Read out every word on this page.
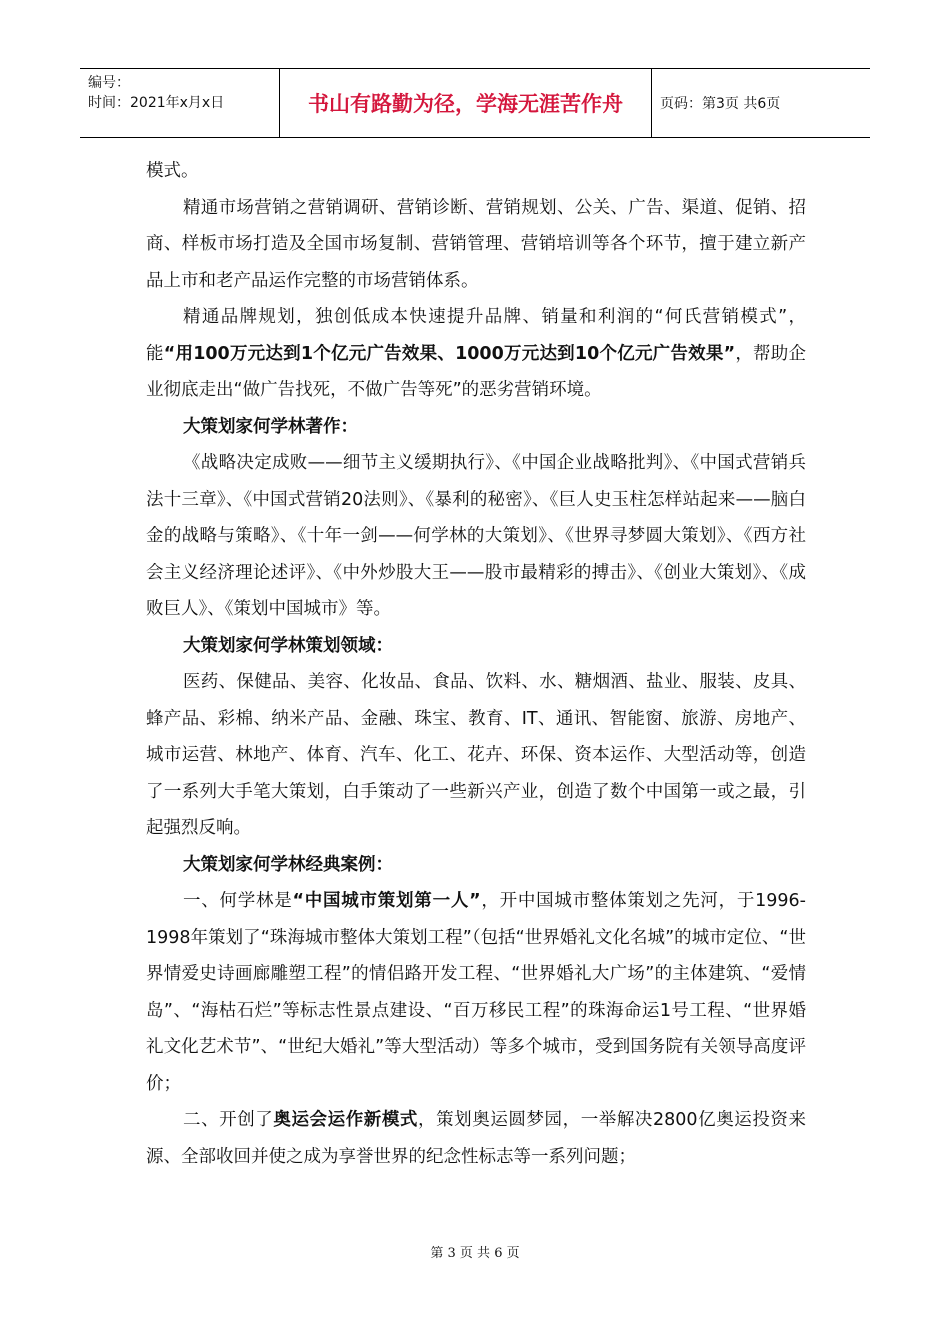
编号：
时间：2021年x月x日	书山有路勤为径，学海无涯苦作舟	页码：第3页 共6页

模式。

精通市场营销之营销调研、营销诊断、营销规划、公关、广告、渠道、促销、招商、样板市场打造及全国市场复制、营销管理、营销培训等各个环节，擅于建立新产品上市和老产品运作完整的市场营销体系。

精通品牌规划，独创低成本快速提升品牌、销量和利润的“何氏营销模式”，能“用100万元达到1个亿元广告效果、1000万元达到10个亿元广告效果”，帮助企业彻底走出“做广告找死，不做广告等死”的恶劣营销环境。

大策划家何学林著作：

《战略决定成败——细节主义缓期执行》、《中国企业战略批判》、《中国式营销兵法十三章》、《中国式营销20法则》、《暴利的秘密》、《巨人史玉柱怎样站起来——脑白金的战略与策略》、《十年一剑——何学林的大策划》、《世界寻梦圆大策划》、《西方社会主义经济理论述评》、《中外炒股大王——股市最精彩的搏击》、《创业大策划》、《成败巨人》、《策划中国城市》等。

大策划家何学林策划领域：

医药、保健品、美容、化妆品、食品、饮料、水、糖烟酒、盐业、服装、皮具、蜂产品、彩棉、纳米产品、金融、珠宝、教育、IT、通讯、智能窗、旅游、房地产、城市运营、林地产、体育、汽车、化工、花卉、环保、资本运作、大型活动等，创造了一系列大手笔大策划，白手策动了一些新兴产业，创造了数个中国第一或之最，引起强烈反响。

大策划家何学林经典案例：

一、何学林是“中国城市策划第一人”，开中国城市整体策划之先河，于1996-1998年策划了“珠海城市整体大策划工程”（包括“世界婚礼文化名城”的城市定位、“世界情爱史诗画廊雕塑工程”的情侣路开发工程、“世界婚礼大广场”的主体建筑、“爱情岛”、“海枯石烂”等标志性景点建设、“百万移民工程”的珠海命运1号工程、“世界婚礼文化艺术节”、“世纪大婚礼”等大型活动）等多个城市，受到国务院有关领导高度评价；

二、开创了奥运会运作新模式，策划奥运圆梦园，一举解决2800亿奥运投资来源、全部收回并使之成为享誉世界的纪念性标志等一系列问题；

第 3 页 共 6 页
